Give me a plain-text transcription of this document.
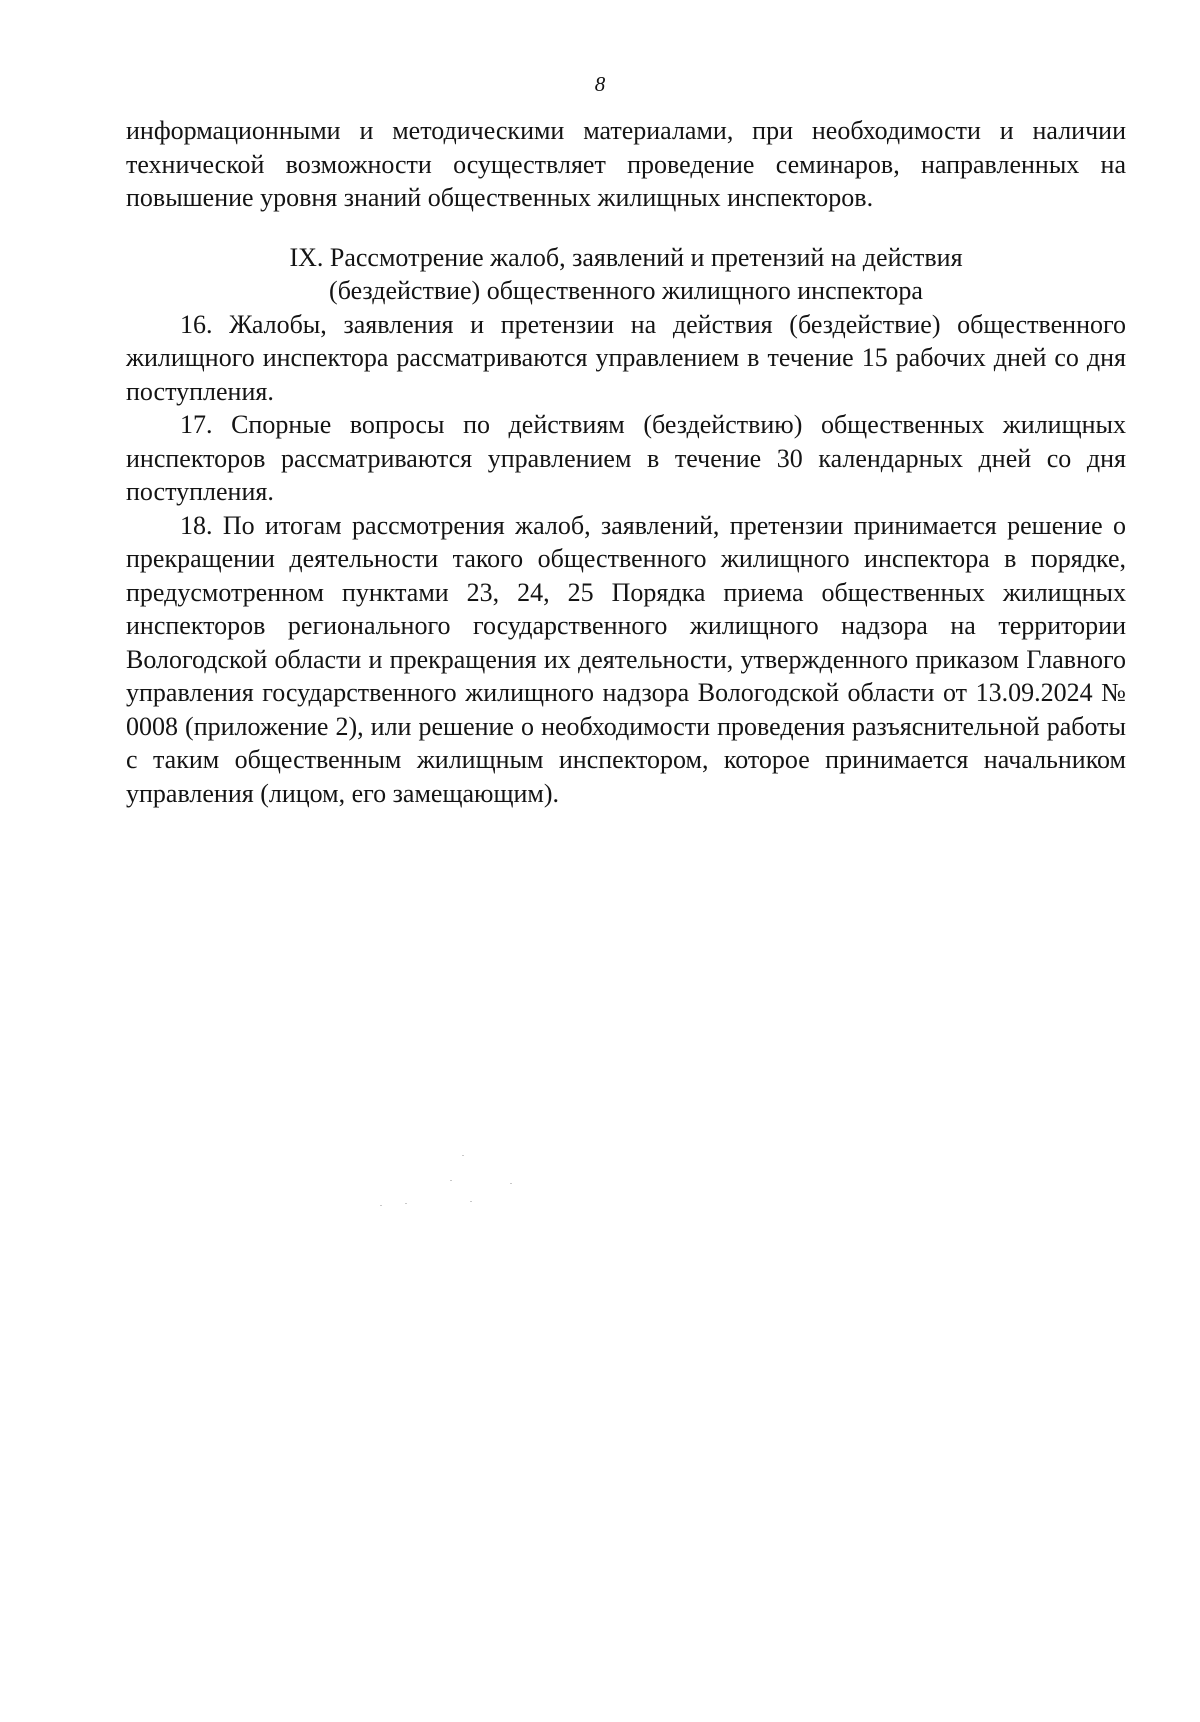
8

информационными и методическими материалами, при необходимости и наличии технической возможности осуществляет проведение семинаров, направленных на повышение уровня знаний общественных жилищных инспекторов.

IX. Рассмотрение жалоб, заявлений и претензий на действия
(бездействие) общественного жилищного инспектора

16. Жалобы, заявления и претензии на действия (бездействие) общественного жилищного инспектора рассматриваются управлением в течение 15 рабочих дней со дня поступления.

17. Спорные вопросы по действиям (бездействию) общественных жилищных инспекторов рассматриваются управлением в течение 30 календарных дней со дня поступления.

18. По итогам рассмотрения жалоб, заявлений, претензии принимается решение о прекращении деятельности такого общественного жилищного инспектора в порядке, предусмотренном пунктами 23, 24, 25 Порядка приема общественных жилищных инспекторов регионального государственного жилищного надзора на территории Вологодской области и прекращения их деятельности, утвержденного приказом Главного управления государственного жилищного надзора Вологодской области от 13.09.2024 № 0008 (приложение 2), или решение о необходимости проведения разъяснительной работы с таким общественным жилищным инспектором, которое принимается начальником управления (лицом, его замещающим).
